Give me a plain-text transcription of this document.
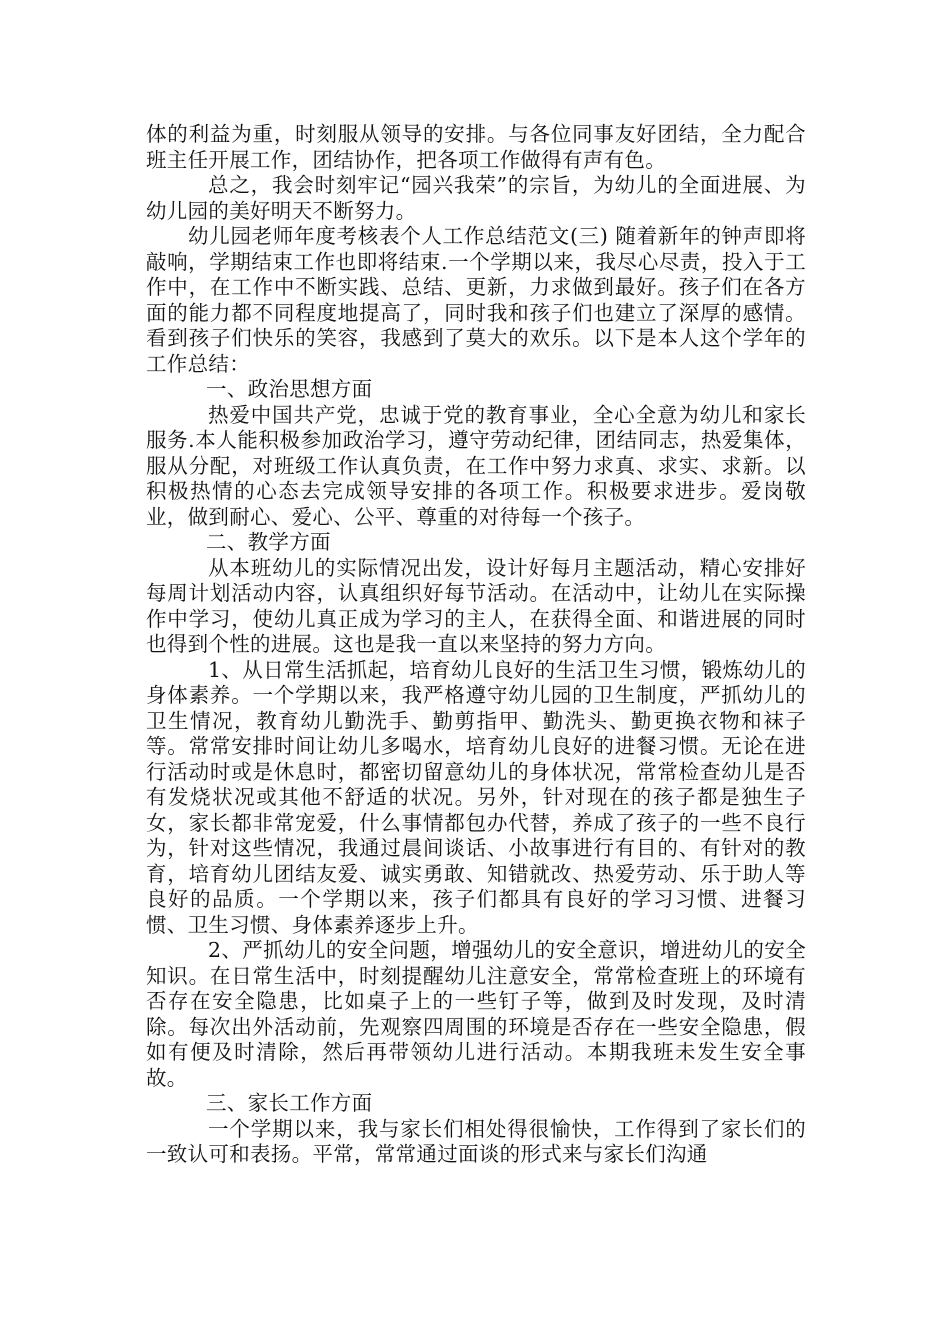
体的利益为重，时刻服从领导的安排。与各位同事友好团结，全力配合班主任开展工作，团结协作，把各项工作做得有声有色。

总之，我会时刻牢记“园兴我荣”的宗旨，为幼儿的全面进展、为幼儿园的美好明天不断努力。

幼儿园老师年度考核表个人工作总结范文(三) 随着新年的钟声即将敲响，学期结束工作也即将结束.一个学期以来，我尽心尽责，投入于工作中，在工作中不断实践、总结、更新，力求做到最好。孩子们在各方面的能力都不同程度地提高了，同时我和孩子们也建立了深厚的感情。看到孩子们快乐的笑容，我感到了莫大的欢乐。以下是本人这个学年的工作总结：

一、政治思想方面

热爱中国共产党，忠诚于党的教育事业，全心全意为幼儿和家长服务.本人能积极参加政治学习，遵守劳动纪律，团结同志，热爱集体，服从分配，对班级工作认真负责，在工作中努力求真、求实、求新。以积极热情的心态去完成领导安排的各项工作。积极要求进步。爱岗敬业，做到耐心、爱心、公平、尊重的对待每一个孩子。

二、教学方面

从本班幼儿的实际情况出发，设计好每月主题活动，精心安排好每周计划活动内容，认真组织好每节活动。在活动中，让幼儿在实际操作中学习，使幼儿真正成为学习的主人，在获得全面、和谐进展的同时也得到个性的进展。这也是我一直以来坚持的努力方向。

1、从日常生活抓起，培育幼儿良好的生活卫生习惯，锻炼幼儿的身体素养。一个学期以来，我严格遵守幼儿园的卫生制度，严抓幼儿的卫生情况，教育幼儿勤洗手、勤剪指甲、勤洗头、勤更换衣物和袜子等。常常安排时间让幼儿多喝水，培育幼儿良好的进餐习惯。无论在进行活动时或是休息时，都密切留意幼儿的身体状况，常常检查幼儿是否有发烧状况或其他不舒适的状况。另外，针对现在的孩子都是独生子女，家长都非常宠爱，什么事情都包办代替，养成了孩子的一些不良行为，针对这些情况，我通过晨间谈话、小故事进行有目的、有针对的教育，培育幼儿团结友爱、诚实勇敢、知错就改、热爱劳动、乐于助人等良好的品质。一个学期以来，孩子们都具有良好的学习习惯、进餐习惯、卫生习惯、身体素养逐步上升。

2、严抓幼儿的安全问题，增强幼儿的安全意识，增进幼儿的安全知识。在日常生活中，时刻提醒幼儿注意安全，常常检查班上的环境有否存在安全隐患，比如桌子上的一些钉子等，做到及时发现，及时清除。每次出外活动前，先观察四周围的环境是否存在一些安全隐患，假如有便及时清除，然后再带领幼儿进行活动。本期我班未发生安全事故。

三、家长工作方面

一个学期以来，我与家长们相处得很愉快，工作得到了家长们的一致认可和表扬。平常，常常通过面谈的形式来与家长们沟通
